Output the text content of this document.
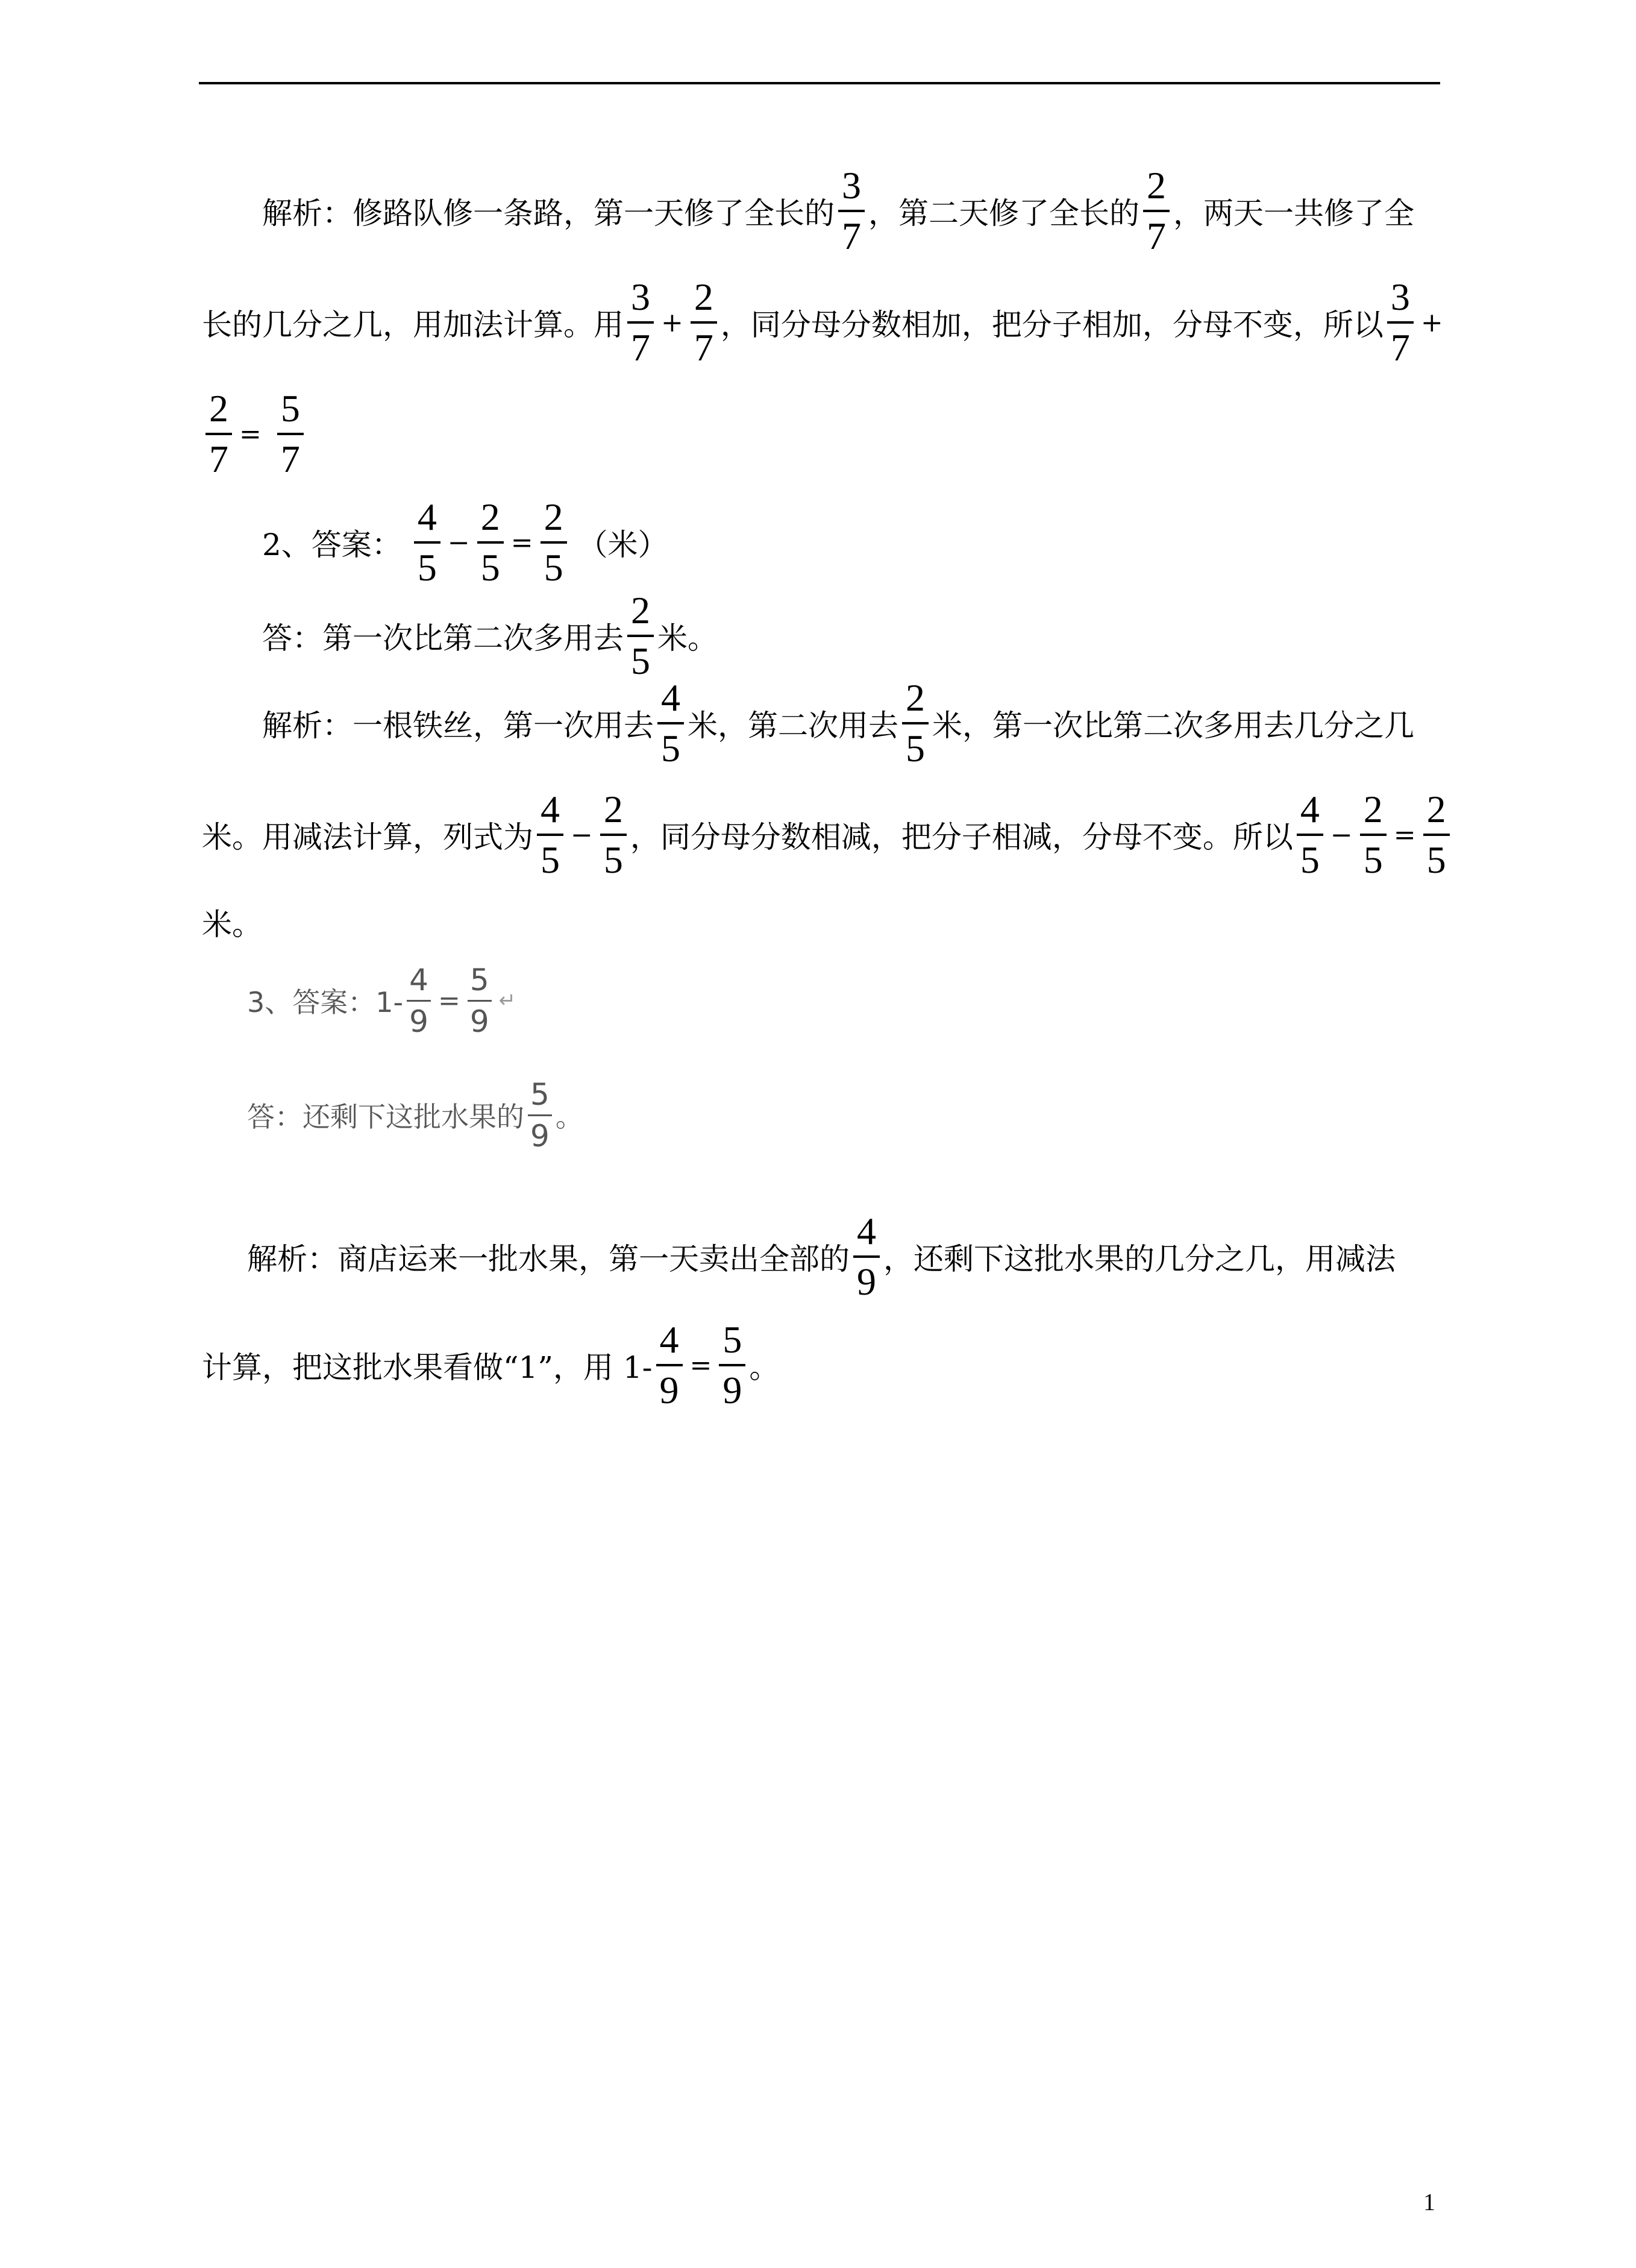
解析：修路队修一条路，第一天修了全长的 $\frac{3}{7}$ ，第二天修了全长的 $\frac{2}{7}$ ，两天一共修了全
长的几分之几，用加法计算。用 $\frac{3}{7} + \frac{2}{7}$ ，同分母分数相加，把分子相加，分母不变，所以 $\frac{3}{7}$ +
$\frac{2}{7} = \frac{5}{7}$
2、答案： $\frac{4}{5} - \frac{2}{5} = \frac{2}{5}$ （米）
答：第一次比第二次多用去 $\frac{2}{5}$ 米。
解析：一根铁丝，第一次用去 $\frac{4}{5}$ 米，第二次用去 $\frac{2}{5}$ 米，第一次比第二次多用去几分之几
米。用减法计算，列式为 $\frac{4}{5} - \frac{2}{5}$ ，同分母分数相减，把分子相减，分母不变。所以 $\frac{4}{5} - \frac{2}{5} = \frac{2}{5}$
米。
3、答案：$1- \frac{4}{9} = \frac{5}{9}$ ↵
答：还剩下这批水果的 $\frac{5}{9}$ 。
解析：商店运来一批水果，第一天卖出全部的 $\frac{4}{9}$ ，还剩下这批水果的几分之几，用减法
计算，把这批水果看做“1”，用 $1- \frac{4}{9} = \frac{5}{9}$ 。
1
